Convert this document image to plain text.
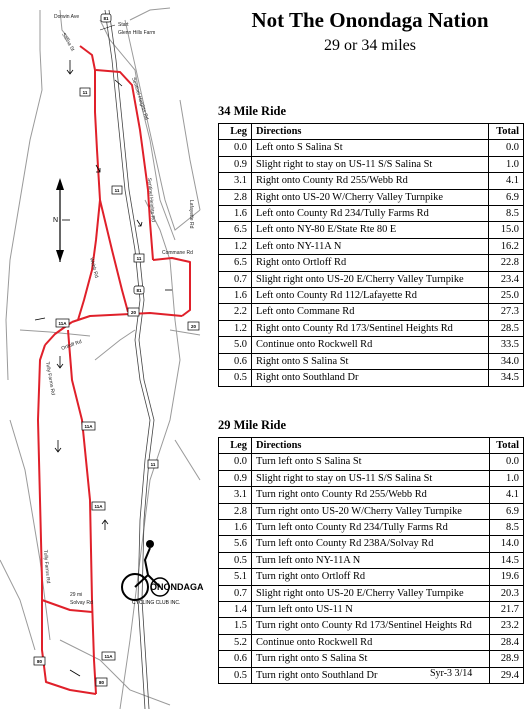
N
Start
Glenn Hills Farm
Dorwin Ave
Salina St
Sentinel Heights Rd
Sentinel Heights Rd	Lafayette Rd
Commane Rd
Webb Rd
Ortloff Rd
Tully Farms Rd
Tully Farms Rd
29 mi
Solvay Rd
81
11
11
11
81
20
20
11A
11A
11A
11
11A
80
80
ONONDAGA
CYCLING CLUB INC.
Not The Onondaga Nation
29 or 34 miles
34 Mile Ride
Leg	Directions	Total
0.0	Left onto S Salina St	0.0
0.9	Slight right to stay on US-11 S/S Salina St	1.0
3.1	Right onto County Rd 255/Webb Rd	4.1
2.8	Right onto US-20 W/Cherry Valley Turnpike	6.9
1.6	Left onto County Rd 234/Tully Farms Rd	8.5
6.5	Left onto NY-80 E/State Rte 80 E	15.0
1.2	Left onto NY-11A N	16.2
6.5	Right onto Ortloff Rd	22.8
0.7	Slight right onto US-20 E/Cherry Valley Turnpike	23.4
1.6	Left onto County Rd 112/Lafayette Rd	25.0
2.2	Left onto Commane Rd	27.3
1.2	Right onto County Rd 173/Sentinel Heights Rd	28.5
5.0	Continue onto Rockwell Rd	33.5
0.6	Right onto S Salina St	34.0
0.5	Right onto Southland Dr	34.5
29 Mile Ride
Leg	Directions	Total
0.0	Turn left onto S Salina St	0.0
0.9	Slight right to stay on US-11 S/S Salina St	1.0
3.1	Turn right onto County Rd 255/Webb Rd	4.1
2.8	Turn right onto US-20 W/Cherry Valley Turnpike	6.9
1.6	Turn left onto County Rd 234/Tully Farms Rd	8.5
5.6	Turn left onto County Rd 238A/Solvay Rd	14.0
0.5	Turn left onto NY-11A N	14.5
5.1	Turn right onto Ortloff Rd	19.6
0.7	Slight right onto US-20 E/Cherry Valley Turnpike	20.3
1.4	Turn left onto US-11 N	21.7
1.5	Turn right onto County Rd 173/Sentinel Heights Rd	23.2
5.2	Continue onto Rockwell Rd	28.4
0.6	Turn right onto S Salina St	28.9
0.5	Turn right onto Southland Dr	29.4
Syr-3 3/14
